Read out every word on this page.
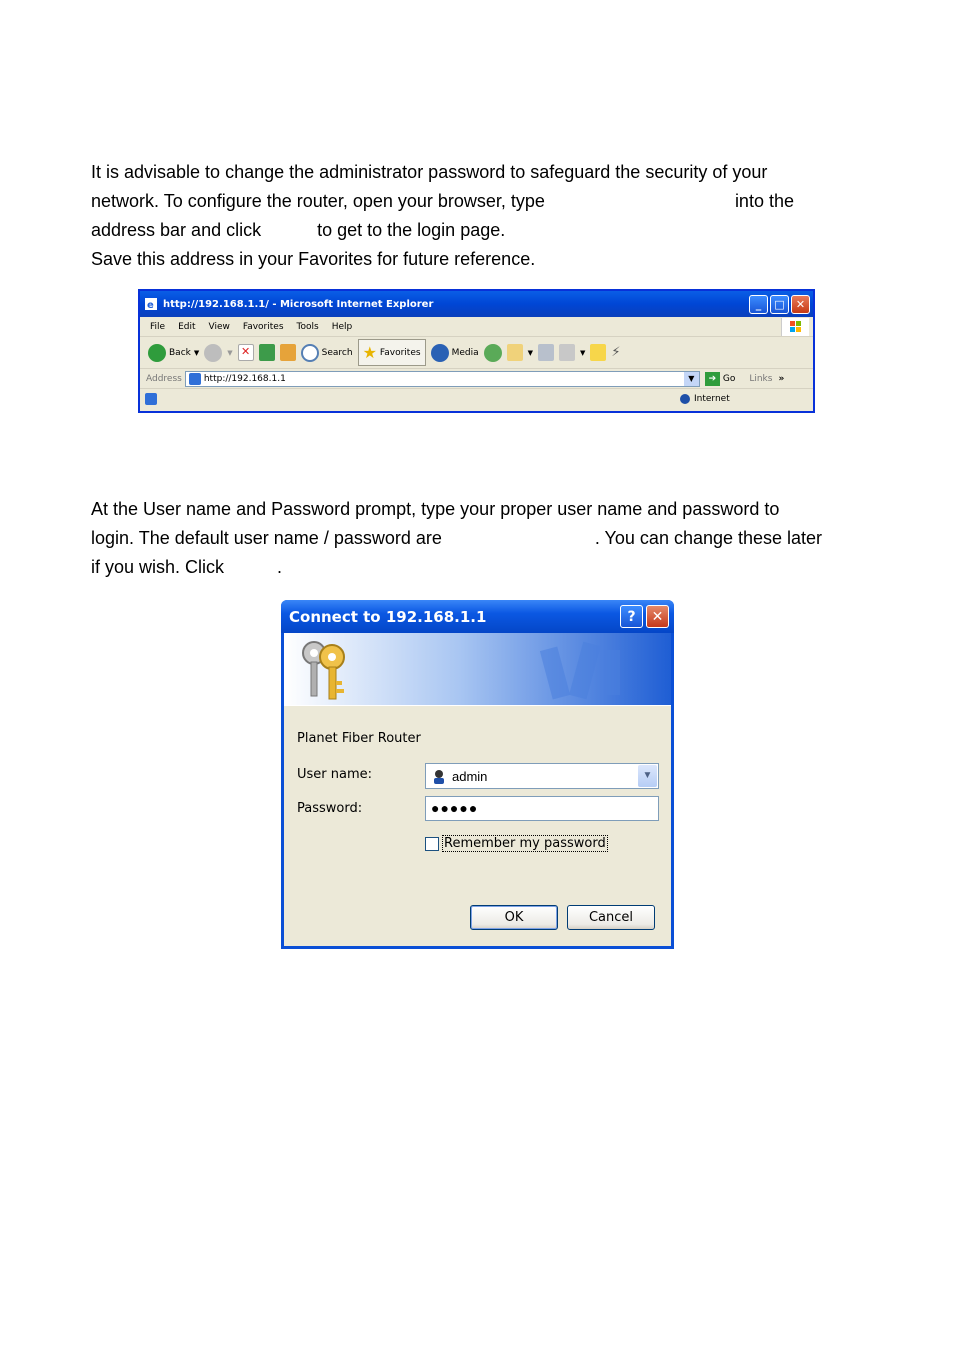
It is advisable to change the administrator password to safeguard the security of your
network. To configure the router, open your browser, type	into the
address bar and click	to get to the login page.
Save this address in your Favorites for future reference.
e http://192.168.1.1/ - Microsoft Internet Explorer	_	□	✕
File Edit View Favorites Tools Help
Back ▼	▼ ✕	Search ★ Favorites	Media	▼	▼ ⚡
Address http://192.168.1.1	▼	➔ Go Links »
Internet
At the User name and Password prompt, type your proper user name and password to
login. The default user name / password are	. You can change these later
if you wish. Click	.
Connect to 192.168.1.1	?	✕
Planet Fiber Router
User name:	admin	▼
Password:	●●●●●
Remember my password
OK	Cancel
